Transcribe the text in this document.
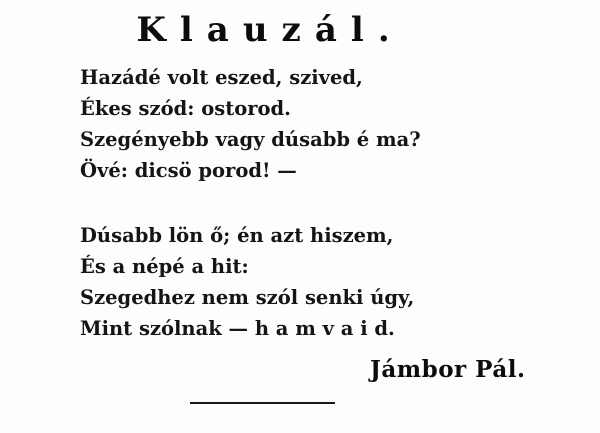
Klauzál.
Hazádé volt eszed, szived,
Ékes szód: ostorod.
Szegényebb vagy dúsabb é ma?
Övé: dicsö porod! —
Dúsabb lön ő; én azt hiszem,
És a népé a hit:
Szegedhez nem szól senki úgy,
Mint szólnak — h a m v a i d.
Jámbor Pál.
